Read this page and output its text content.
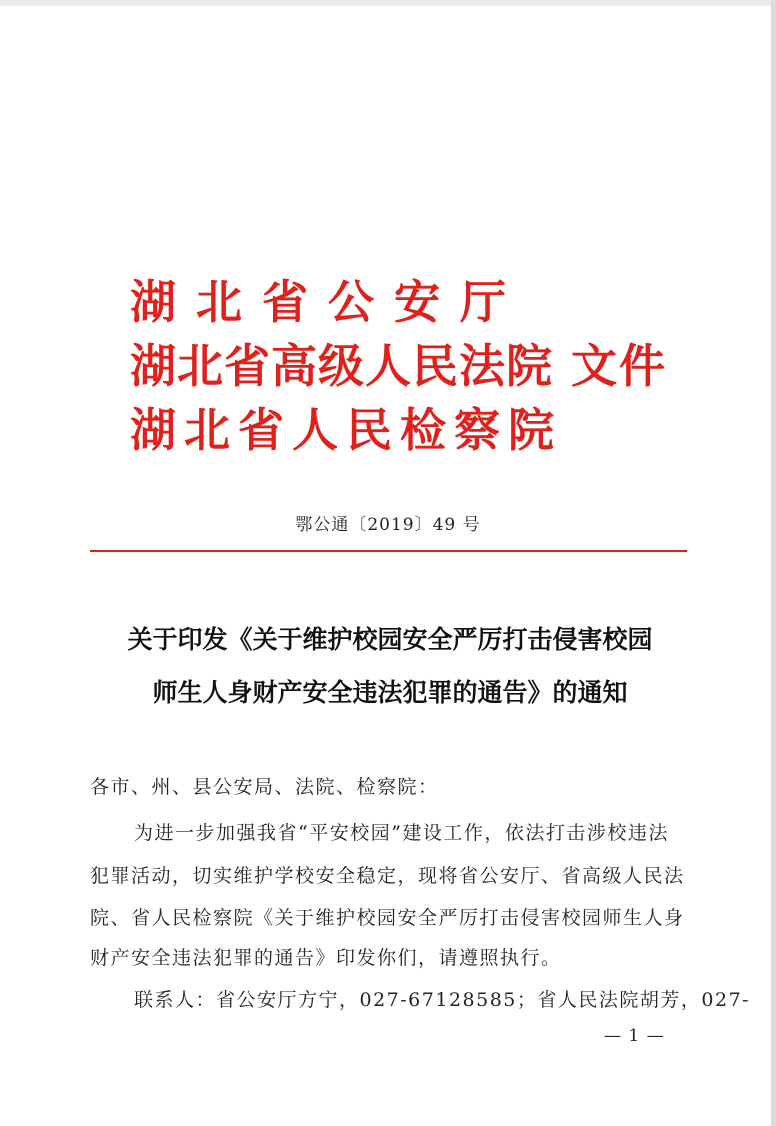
湖北省公安厅
湖北省高级人民法院
湖北省人民检察院
文件
鄂公通〔2019〕49 号
关于印发《关于维护校园安全严厉打击侵害校园
师生人身财产安全违法犯罪的通告》的通知
各市、州、县公安局、法院、检察院：
为进一步加强我省“平安校园”建设工作，依法打击涉校违法
犯罪活动，切实维护学校安全稳定，现将省公安厅、省高级人民法
院、省人民检察院《关于维护校园安全严厉打击侵害校园师生人身
财产安全违法犯罪的通告》印发你们，请遵照执行。
联系人：省公安厅方宁，027-67128585；省人民法院胡芳，027-
— 1 —
